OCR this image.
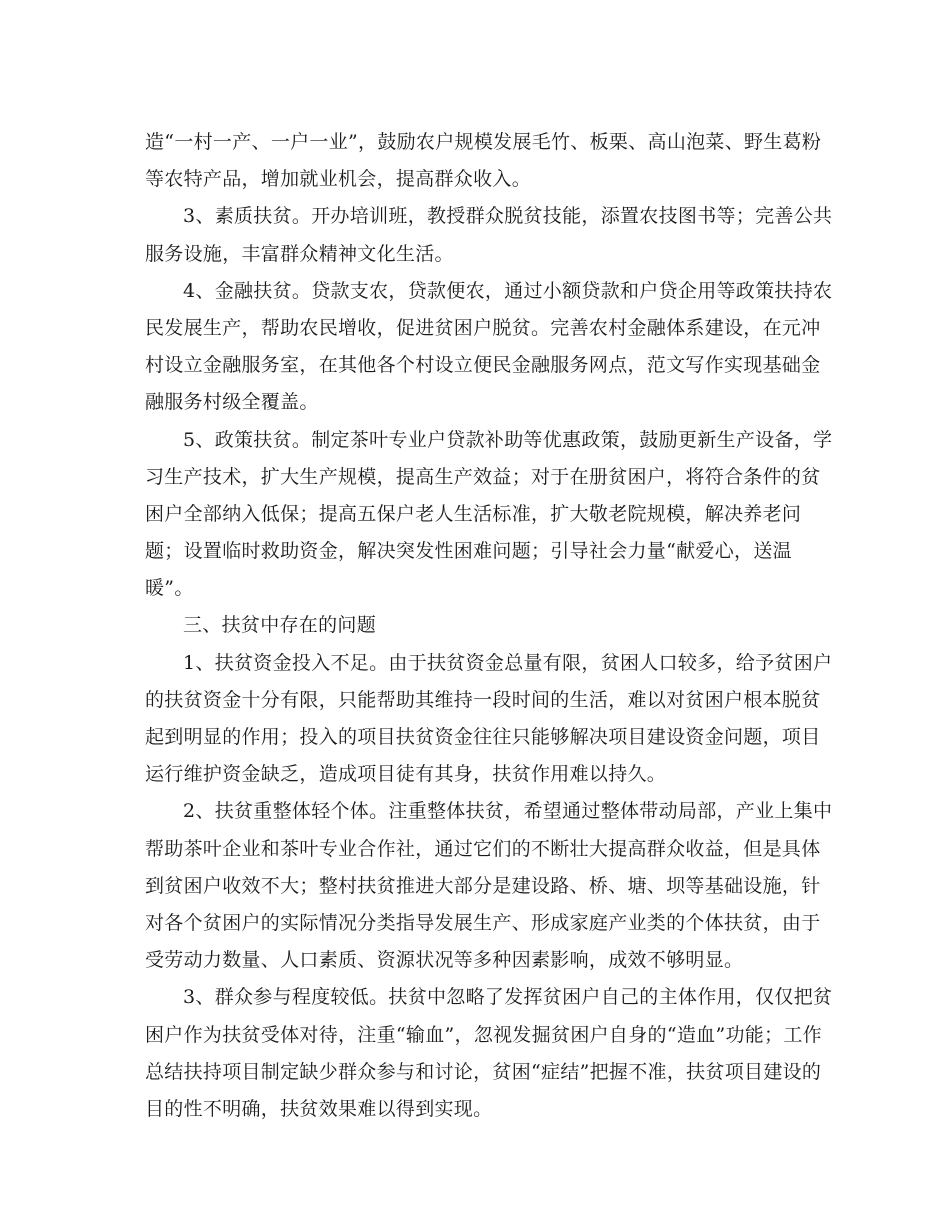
造“一村一产、一户一业”，鼓励农户规模发展毛竹、板栗、高山泡菜、野生葛粉
等农特产品，增加就业机会，提高群众收入。
3、素质扶贫。开办培训班，教授群众脱贫技能，添置农技图书等；完善公共
服务设施，丰富群众精神文化生活。
4、金融扶贫。贷款支农，贷款便农，通过小额贷款和户贷企用等政策扶持农
民发展生产，帮助农民增收，促进贫困户脱贫。完善农村金融体系建设，在元冲
村设立金融服务室，在其他各个村设立便民金融服务网点，范文写作实现基础金
融服务村级全覆盖。
5、政策扶贫。制定茶叶专业户贷款补助等优惠政策，鼓励更新生产设备，学
习生产技术，扩大生产规模，提高生产效益；对于在册贫困户，将符合条件的贫
困户全部纳入低保；提高五保户老人生活标准，扩大敬老院规模，解决养老问
题；设置临时救助资金，解决突发性困难问题；引导社会力量“献爱心，送温
暖”。
三、扶贫中存在的问题
1、扶贫资金投入不足。由于扶贫资金总量有限，贫困人口较多，给予贫困户
的扶贫资金十分有限，只能帮助其维持一段时间的生活，难以对贫困户根本脱贫
起到明显的作用；投入的项目扶贫资金往往只能够解决项目建设资金问题，项目
运行维护资金缺乏，造成项目徒有其身，扶贫作用难以持久。
2、扶贫重整体轻个体。注重整体扶贫，希望通过整体带动局部，产业上集中
帮助茶叶企业和茶叶专业合作社，通过它们的不断壮大提高群众收益，但是具体
到贫困户收效不大；整村扶贫推进大部分是建设路、桥、塘、坝等基础设施，针
对各个贫困户的实际情况分类指导发展生产、形成家庭产业类的个体扶贫，由于
受劳动力数量、人口素质、资源状况等多种因素影响，成效不够明显。
3、群众参与程度较低。扶贫中忽略了发挥贫困户自己的主体作用，仅仅把贫
困户作为扶贫受体对待，注重“输血”，忽视发掘贫困户自身的“造血”功能；工作
总结扶持项目制定缺少群众参与和讨论，贫困“症结”把握不准，扶贫项目建设的
目的性不明确，扶贫效果难以得到实现。
